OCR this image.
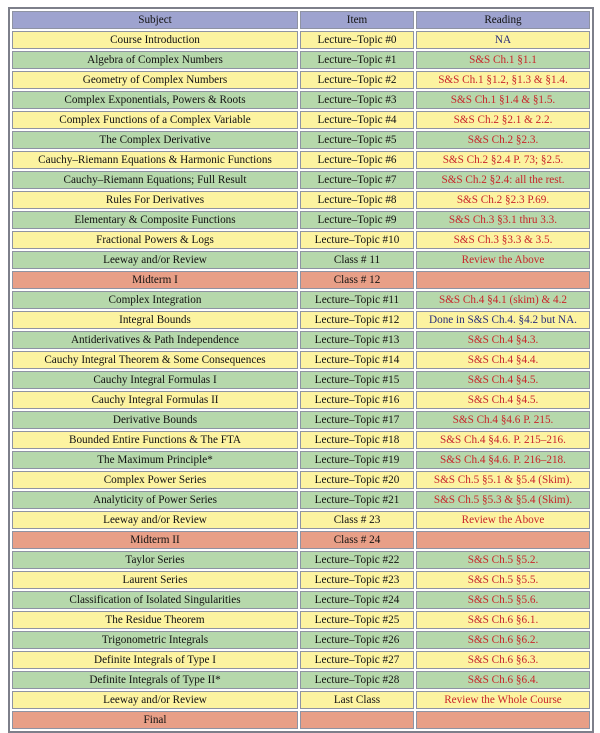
Subject	Item	Reading
Course Introduction	Lecture–Topic #0	NA
Algebra of Complex Numbers	Lecture–Topic #1	S&S Ch.1 §1.1
Geometry of Complex Numbers	Lecture–Topic #2	S&S Ch.1 §1.2, §1.3 & §1.4.
Complex Exponentials, Powers & Roots	Lecture–Topic #3	S&S Ch.1 §1.4 & §1.5.
Complex Functions of a Complex Variable	Lecture–Topic #4	S&S Ch.2 §2.1 & 2.2.
The Complex Derivative	Lecture–Topic #5	S&S Ch.2 §2.3.
Cauchy–Riemann Equations & Harmonic Functions	Lecture–Topic #6	S&S Ch.2 §2.4 P. 73; §2.5.
Cauchy–Riemann Equations; Full Result	Lecture–Topic #7	S&S Ch.2 §2.4: all the rest.
Rules For Derivatives	Lecture–Topic #8	S&S Ch.2 §2.3 P.69.
Elementary & Composite Functions	Lecture–Topic #9	S&S Ch.3 §3.1 thru 3.3.
Fractional Powers & Logs	Lecture–Topic #10	S&S Ch.3 §3.3 & 3.5.
Leeway and/or Review	Class # 11	Review the Above
Midterm I	Class # 12	
Complex Integration	Lecture–Topic #11	S&S Ch.4 §4.1 (skim) & 4.2
Integral Bounds	Lecture–Topic #12	Done in S&S Ch.4. §4.2 but NA.
Antiderivatives & Path Independence	Lecture–Topic #13	S&S Ch.4 §4.3.
Cauchy Integral Theorem & Some Consequences	Lecture–Topic #14	S&S Ch.4 §4.4.
Cauchy Integral Formulas I	Lecture–Topic #15	S&S Ch.4 §4.5.
Cauchy Integral Formulas II	Lecture–Topic #16	S&S Ch.4 §4.5.
Derivative Bounds	Lecture–Topic #17	S&S Ch.4 §4.6 P. 215.
Bounded Entire Functions & The FTA	Lecture–Topic #18	S&S Ch.4 §4.6. P. 215–216.
The Maximum Principle*	Lecture–Topic #19	S&S Ch.4 §4.6. P. 216–218.
Complex Power Series	Lecture–Topic #20	S&S Ch.5 §5.1 & §5.4 (Skim).
Analyticity of Power Series	Lecture–Topic #21	S&S Ch.5 §5.3 & §5.4 (Skim).
Leeway and/or Review	Class # 23	Review the Above
Midterm II	Class # 24	
Taylor Series	Lecture–Topic #22	S&S Ch.5 §5.2.
Laurent Series	Lecture–Topic #23	S&S Ch.5 §5.5.
Classification of Isolated Singularities	Lecture–Topic #24	S&S Ch.5 §5.6.
The Residue Theorem	Lecture–Topic #25	S&S Ch.6 §6.1.
Trigonometric Integrals	Lecture–Topic #26	S&S Ch.6 §6.2.
Definite Integrals of Type I	Lecture–Topic #27	S&S Ch.6 §6.3.
Definite Integrals of Type II*	Lecture–Topic #28	S&S Ch.6 §6.4.
Leeway and/or Review	Last Class	Review the Whole Course
Final		
